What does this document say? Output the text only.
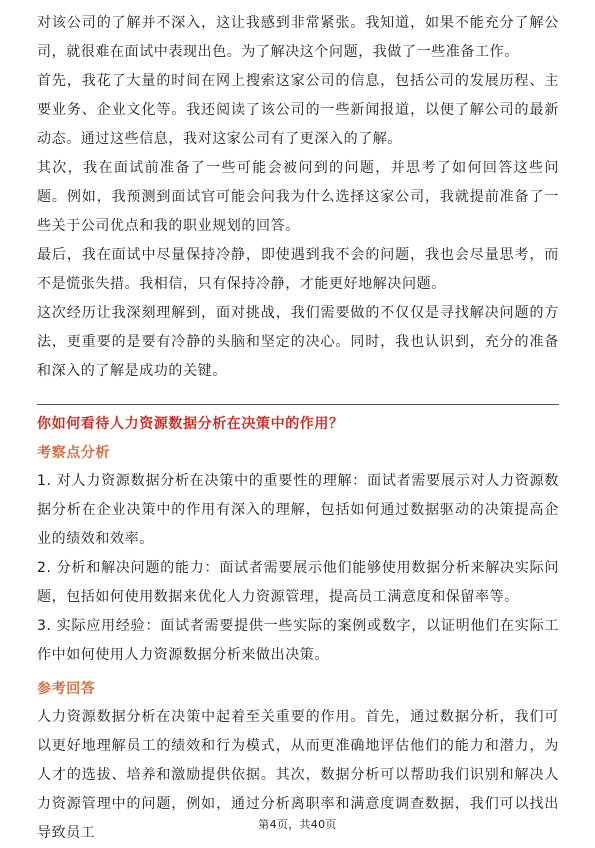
对该公司的了解并不深入，这让我感到非常紧张。我知道，如果不能充分了解公司，就很难在面试中表现出色。为了解决这个问题，我做了一些准备工作。

首先，我花了大量的时间在网上搜索这家公司的信息，包括公司的发展历程、主要业务、企业文化等。我还阅读了该公司的一些新闻报道，以便了解公司的最新动态。通过这些信息，我对这家公司有了更深入的了解。

其次，我在面试前准备了一些可能会被问到的问题，并思考了如何回答这些问题。例如，我预测到面试官可能会问我为什么选择这家公司，我就提前准备了一些关于公司优点和我的职业规划的回答。

最后，我在面试中尽量保持冷静，即使遇到我不会的问题，我也会尽量思考，而不是慌张失措。我相信，只有保持冷静，才能更好地解决问题。

这次经历让我深刻理解到，面对挑战，我们需要做的不仅仅是寻找解决问题的方法，更重要的是要有冷静的头脑和坚定的决心。同时，我也认识到，充分的准备和深入的了解是成功的关键。

你如何看待人力资源数据分析在决策中的作用？
考察点分析

1. 对人力资源数据分析在决策中的重要性的理解：面试者需要展示对人力资源数据分析在企业决策中的作用有深入的理解，包括如何通过数据驱动的决策提高企业的绩效和效率。

2. 分析和解决问题的能力：面试者需要展示他们能够使用数据分析来解决实际问题，包括如何使用数据来优化人力资源管理，提高员工满意度和保留率等。

3. 实际应用经验：面试者需要提供一些实际的案例或数字，以证明他们在实际工作中如何使用人力资源数据分析来做出决策。

参考回答

人力资源数据分析在决策中起着至关重要的作用。首先，通过数据分析，我们可以更好地理解员工的绩效和行为模式，从而更准确地评估他们的能力和潜力，为人才的选拔、培养和激励提供依据。其次，数据分析可以帮助我们识别和解决人力资源管理中的问题，例如，通过分析离职率和满意度调查数据，我们可以找出导致员工

第4页，共40页
